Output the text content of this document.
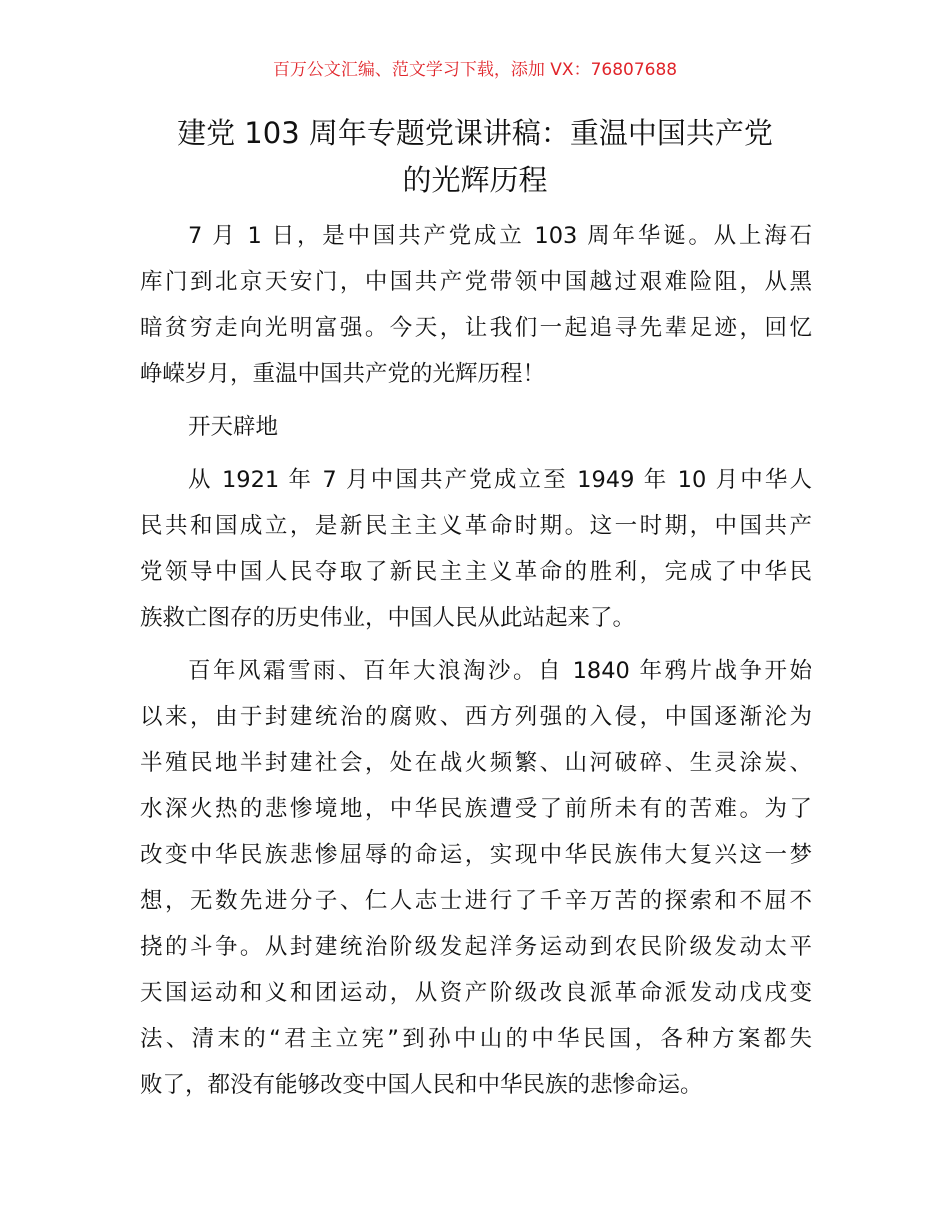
百万公文汇编、范文学习下载，添加 VX：76807688
建党 103 周年专题党课讲稿：重温中国共产党
的光辉历程
7 月 1 日，是中国共产党成立 103 周年华诞。从上海石
库门到北京天安门，中国共产党带领中国越过艰难险阻，从黑
暗贫穷走向光明富强。今天，让我们一起追寻先辈足迹，回忆
峥嵘岁月，重温中国共产党的光辉历程！
开天辟地
从 1921 年 7 月中国共产党成立至 1949 年 10 月中华人
民共和国成立，是新民主主义革命时期。这一时期，中国共产
党领导中国人民夺取了新民主主义革命的胜利，完成了中华民
族救亡图存的历史伟业，中国人民从此站起来了。
百年风霜雪雨、百年大浪淘沙。自 1840 年鸦片战争开始
以来，由于封建统治的腐败、西方列强的入侵，中国逐渐沦为
半殖民地半封建社会，处在战火频繁、山河破碎、生灵涂炭、
水深火热的悲惨境地，中华民族遭受了前所未有的苦难。为了
改变中华民族悲惨屈辱的命运，实现中华民族伟大复兴这一梦
想，无数先进分子、仁人志士进行了千辛万苦的探索和不屈不
挠的斗争。从封建统治阶级发起洋务运动到农民阶级发动太平
天国运动和义和团运动，从资产阶级改良派革命派发动戊戌变
法、清末的“君主立宪”到孙中山的中华民国，各种方案都失
败了，都没有能够改变中国人民和中华民族的悲惨命运。
